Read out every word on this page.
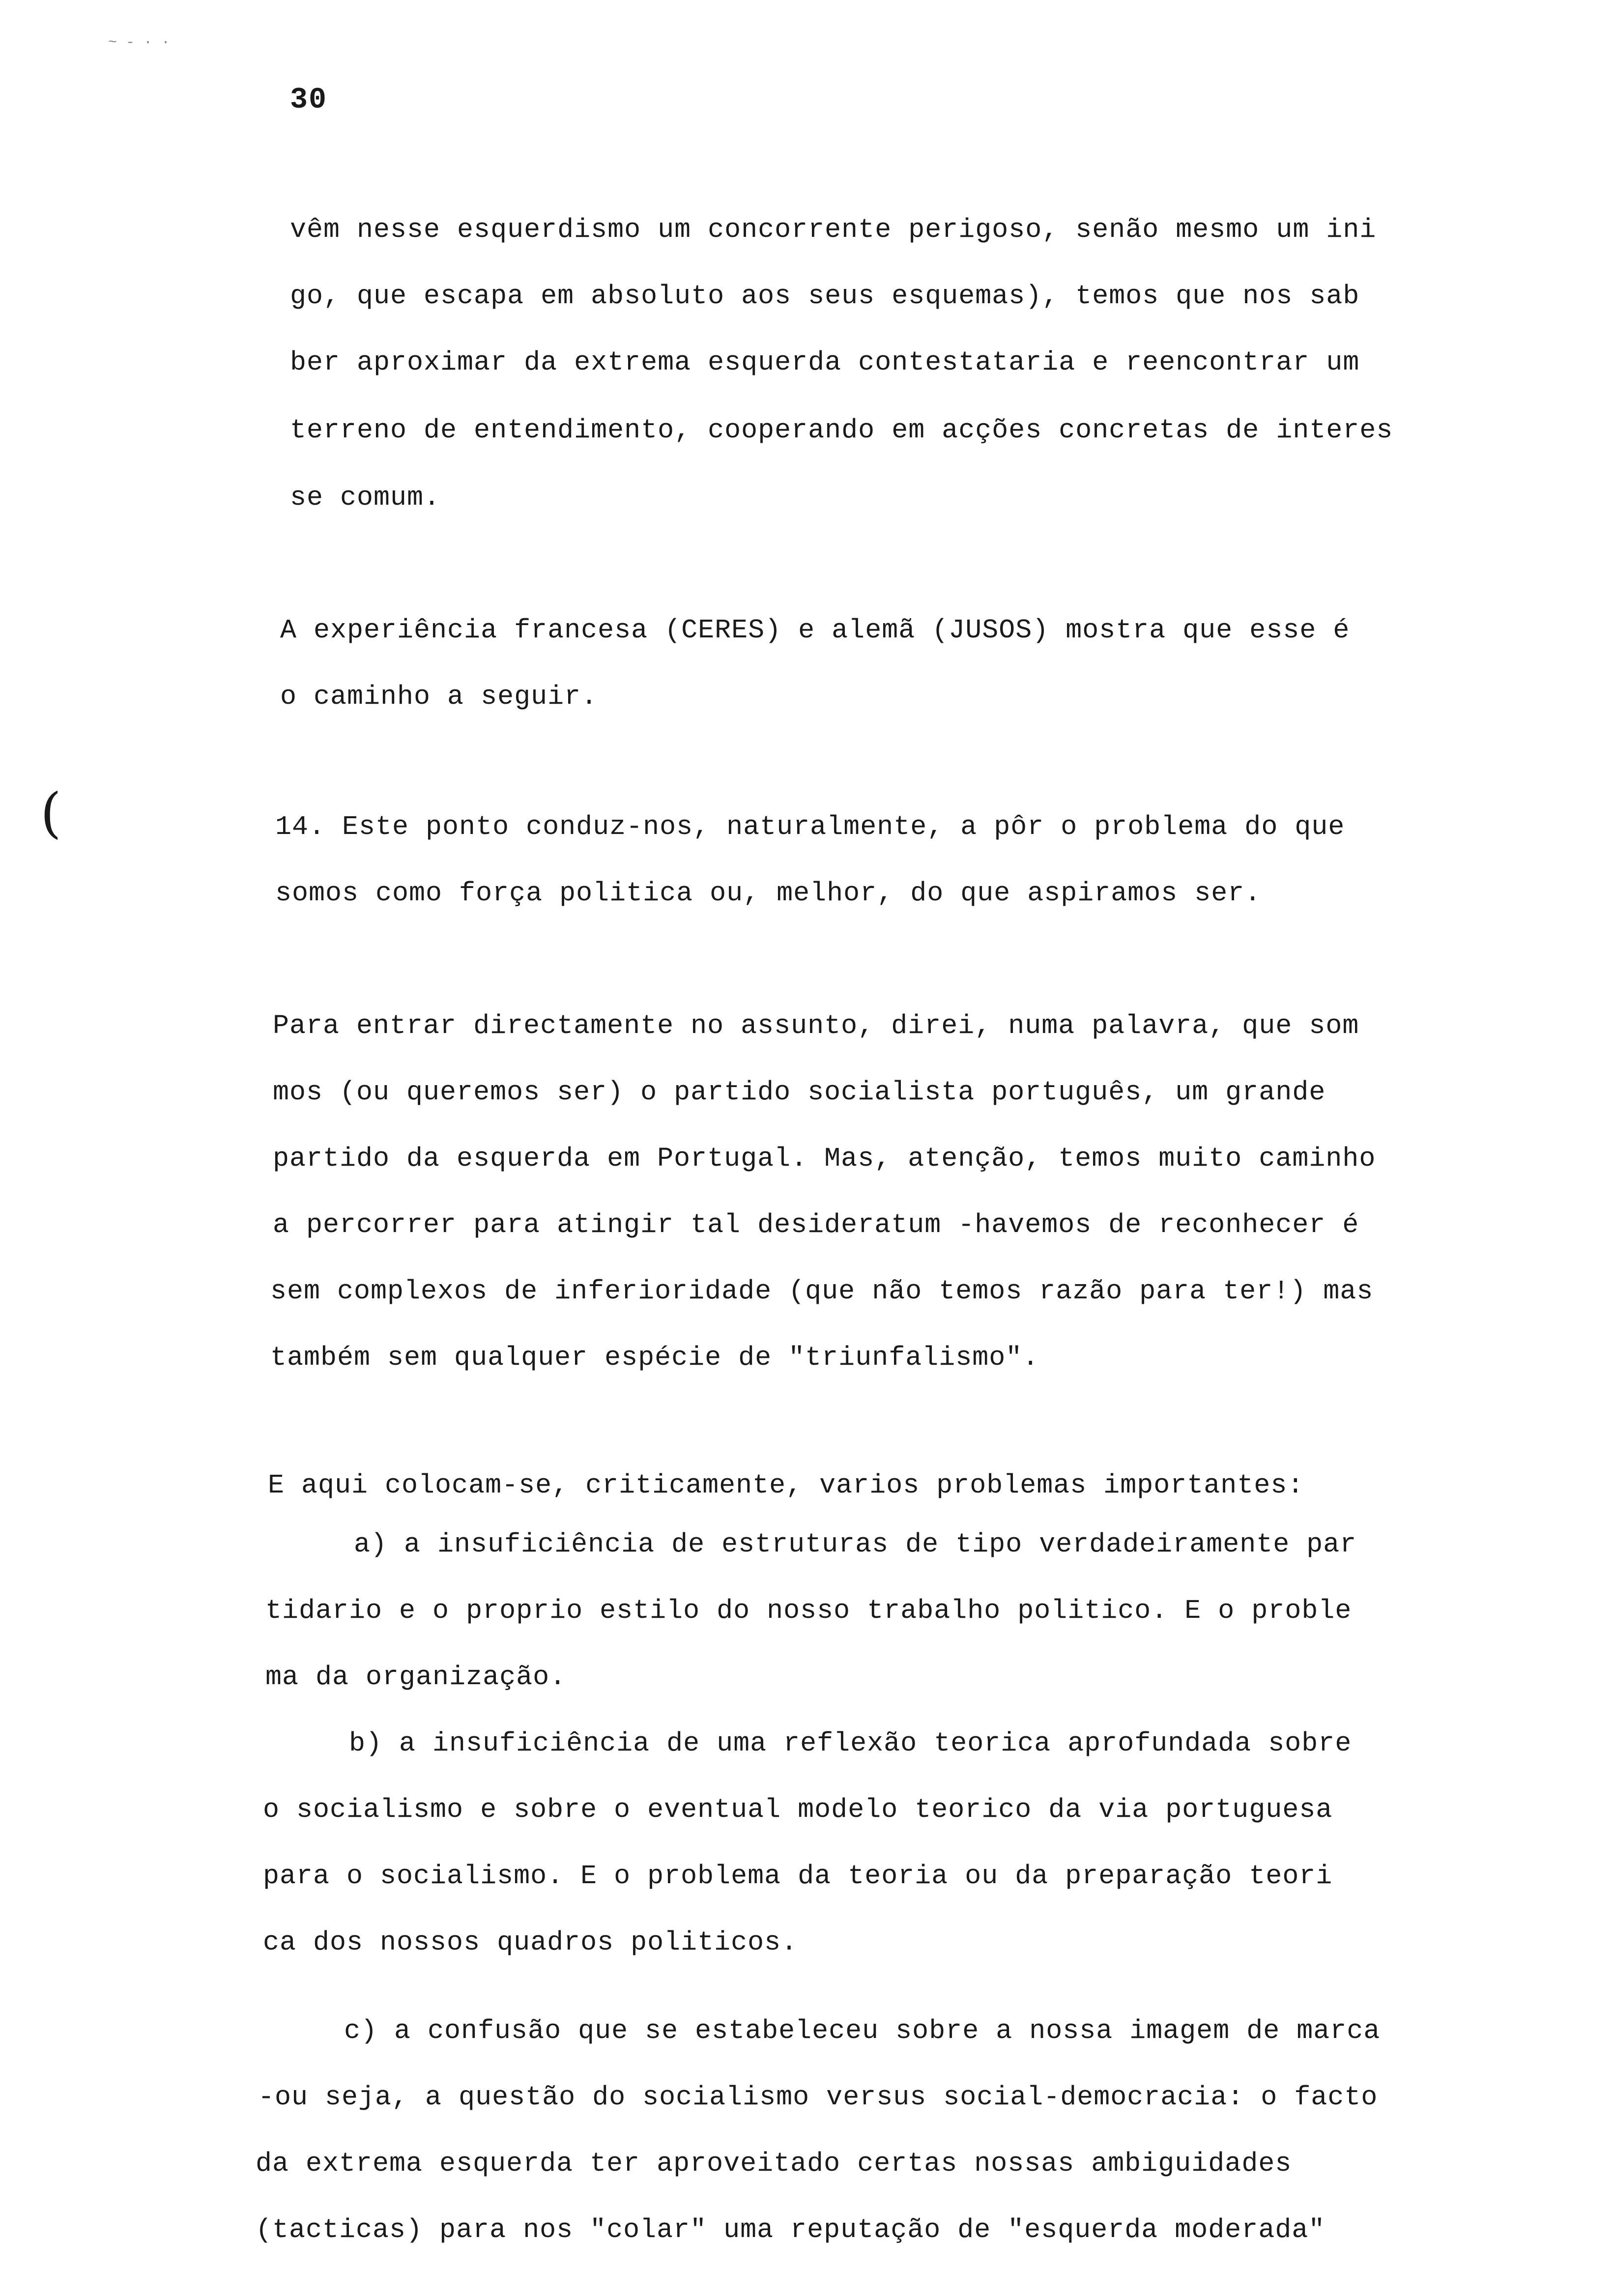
~ - · ·
30
(
vêm nesse esquerdismo um concorrente perigoso, senão mesmo um ini
go, que escapa em absoluto aos seus esquemas), temos que nos sab
ber aproximar da extrema esquerda contestataria e reencontrar um
terreno de entendimento, cooperando em acções concretas de interes
se comum.
A experiência francesa (CERES) e alemã (JUSOS) mostra que esse é
o caminho a seguir.
14. Este ponto conduz-nos, naturalmente, a pôr o problema do que
somos como força politica ou, melhor, do que aspiramos ser.
Para entrar directamente no assunto, direi, numa palavra, que som
mos (ou queremos ser) o partido socialista português, um grande
partido da esquerda em Portugal. Mas, atenção, temos muito caminho
a percorrer para atingir tal desideratum -havemos de reconhecer é
sem complexos de inferioridade (que não temos razão para ter!) mas
também sem qualquer espécie de "triunfalismo".
E aqui colocam-se, criticamente, varios problemas importantes:
a) a insuficiência de estruturas de tipo verdadeiramente par
tidario e o proprio estilo do nosso trabalho politico. E o proble
ma da organização.
b) a insuficiência de uma reflexão teorica aprofundada sobre
o socialismo e sobre o eventual modelo teorico da via portuguesa
para o socialismo. E o problema da teoria ou da preparação teori
ca dos nossos quadros politicos.
c) a confusão que se estabeleceu sobre a nossa imagem de marca
-ou seja, a questão do socialismo versus social-democracia: o facto
da extrema esquerda ter aproveitado certas nossas ambiguidades
(tacticas) para nos "colar" uma reputação de "esquerda moderada"
